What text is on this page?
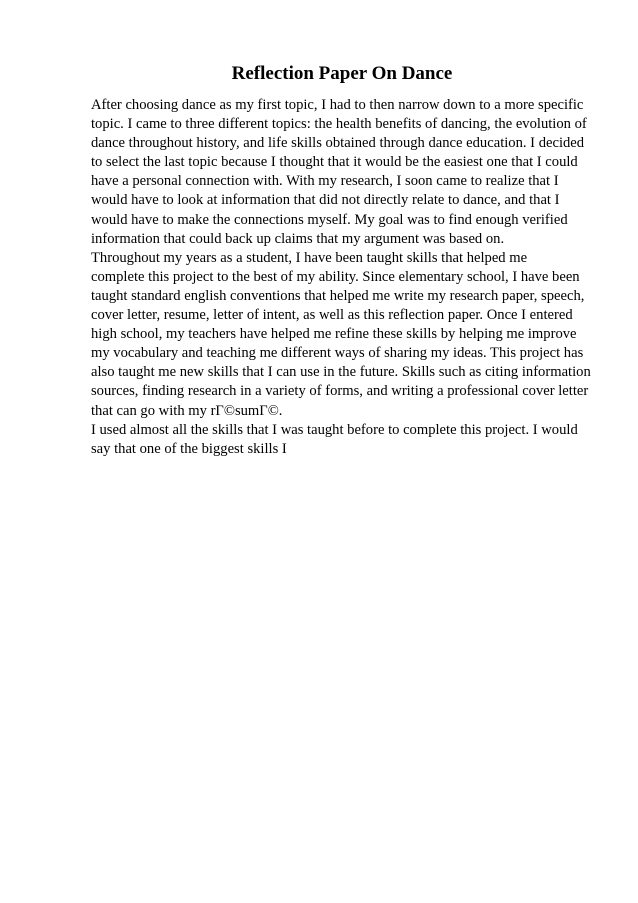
Reflection Paper On Dance
After choosing dance as my first topic, I had to then narrow down to a more specific
topic. I came to three different topics: the health benefits of dancing, the evolution of
dance throughout history, and life skills obtained through dance education. I decided
to select the last topic because I thought that it would be the easiest one that I could
have a personal connection with. With my research, I soon came to realize that I
would have to look at information that did not directly relate to dance, and that I
would have to make the connections myself. My goal was to find enough verified
information that could back up claims that my argument was based on.
Throughout my years as a student, I have been taught skills that helped me
complete this project to the best of my ability. Since elementary school, I have been
taught standard english conventions that helped me write my research paper, speech,
cover letter, resume, letter of intent, as well as this reflection paper. Once I entered
high school, my teachers have helped me refine these skills by helping me improve
my vocabulary and teaching me different ways of sharing my ideas. This project has
also taught me new skills that I can use in the future. Skills such as citing information
sources, finding research in a variety of forms, and writing a professional cover letter
that can go with my rГ©sumГ©.
I used almost all the skills that I was taught before to complete this project. I would
say that one of the biggest skills I
